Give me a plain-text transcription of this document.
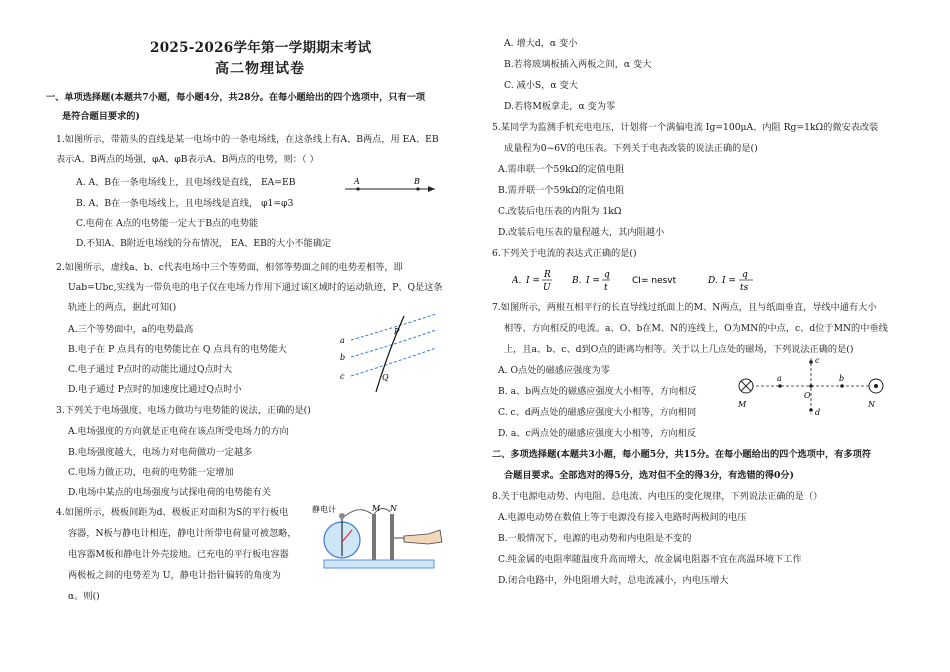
2025-2026学年第一学期期末考试
高二物理试卷
一、单项选择题(本题共7小题，每小题4分，共28分。在每小题给出的四个选项中，只有一项
是符合题目要求的)
1.如图所示，带箭头的直线是某一电场中的一条电场线，在这条线上有A、B两点，用 EA、EB
表示A、B两点的场强，φA、φB表示A、B两点的电势，则：（ ）
A. A、B在一条电场线上，且电场线是直线， EA=EB
B. A、B在一条电场线上，且电场线是直线， φ1=φ3
C.电荷在 A点的电势能一定大于B点的电势能
D.不知A、B附近电场线的分布情况， EA、EB的大小不能确定
A	B
2.如图所示，虚线a、b、c代表电场中三个等势面，相邻等势面之间的电势差相等，即
Uab=Ubc,实线为一带负电的电子仅在电场力作用下通过该区域时的运动轨迹，P、Q是这条
轨迹上的两点，据此可知()
A.三个等势面中，a的电势最高
B.电子在 P 点具有的电势能比在 Q 点具有的电势能大
C.电子通过 P点时的动能比通过Q点时大
D.电子通过 P点时的加速度比通过Q点时小
a
b
c
P
Q
3.下列关于电场强度、电场力做功与电势能的说法，正确的是()
A.电场强度的方向就是正电荷在该点所受电场力的方向
B.电场强度越大，电场力对电荷做功一定越多
C.电场力做正功，电荷的电势能一定增加
D.电场中某点的电场强度与试探电荷的电势能有关
4.如图所示，极板间距为d、极板正对面积为S的平行板电
容器，N板与静电计相连，静电计所带电荷量可被忽略，
电容器M板和静电计外壳接地。已充电的平行板电容器
两极板之间的电势差为 U，静电计指针偏转的角度为
α。则()
静电计	M N
A. 增大d，α 变小
B.若将玻璃板插入两板之间，α 变大
C. 减小S，α 变大
D.若将M板拿走，α 变为零
5.某同学为监测手机充电电压，计划将一个满偏电流 Ig=100μA、内阻 Rg=1kΩ的微安表改装
成量程为0~6V的电压表。下列关于电表改装的说法正确的是()
A.需串联一个59kΩ的定值电阻
B.需并联一个59kΩ的定值电阻
C.改装后电压表的内阻为 1kΩ
D.改装后电压表的量程越大，其内阻越小
6.下列关于电流的表达式正确的是()
A. I =
R
U
B. I =
q
t
CI= nesvt	D. I =
q
ts
7.如图所示，两根互相平行的长直导线过纸面上的M、N两点，且与纸面垂直，导线中通有大小
相等、方向相反的电流。a、O、b在M、N的连线上，O为MN的中点，c、d位于MN的中垂线
上，且a、b、c、d到O点的距离均相等。关于以上几点处的磁场，下列说法正确的是()
A. O点处的磁感应强度为零
B. a、b两点处的磁感应强度大小相等，方向相反
C. c、d两点处的磁感应强度大小相等，方向相同
D. a、c两点处的磁感应强度大小相等，方向相反
M	N
O
a	b
c
d
二、多项选择题(本题共3小题，每小题5分，共15分。在每小题给出的四个选项中，有多项符
合题目要求。全部选对的得5分，选对但不全的得3分，有选错的得0分)
8.关于电源电动势、内电阻、总电流、内电压的变化规律，下列说法正确的是（）
A.电源电动势在数值上等于电源没有接入电路时两极间的电压
B.一般情况下，电源的电动势和内电阻是不变的
C.纯金属的电阻率随温度升高而增大，故金属电阻器不宜在高温环境下工作
D.闭合电路中，外电阻增大时，总电流减小，内电压增大
